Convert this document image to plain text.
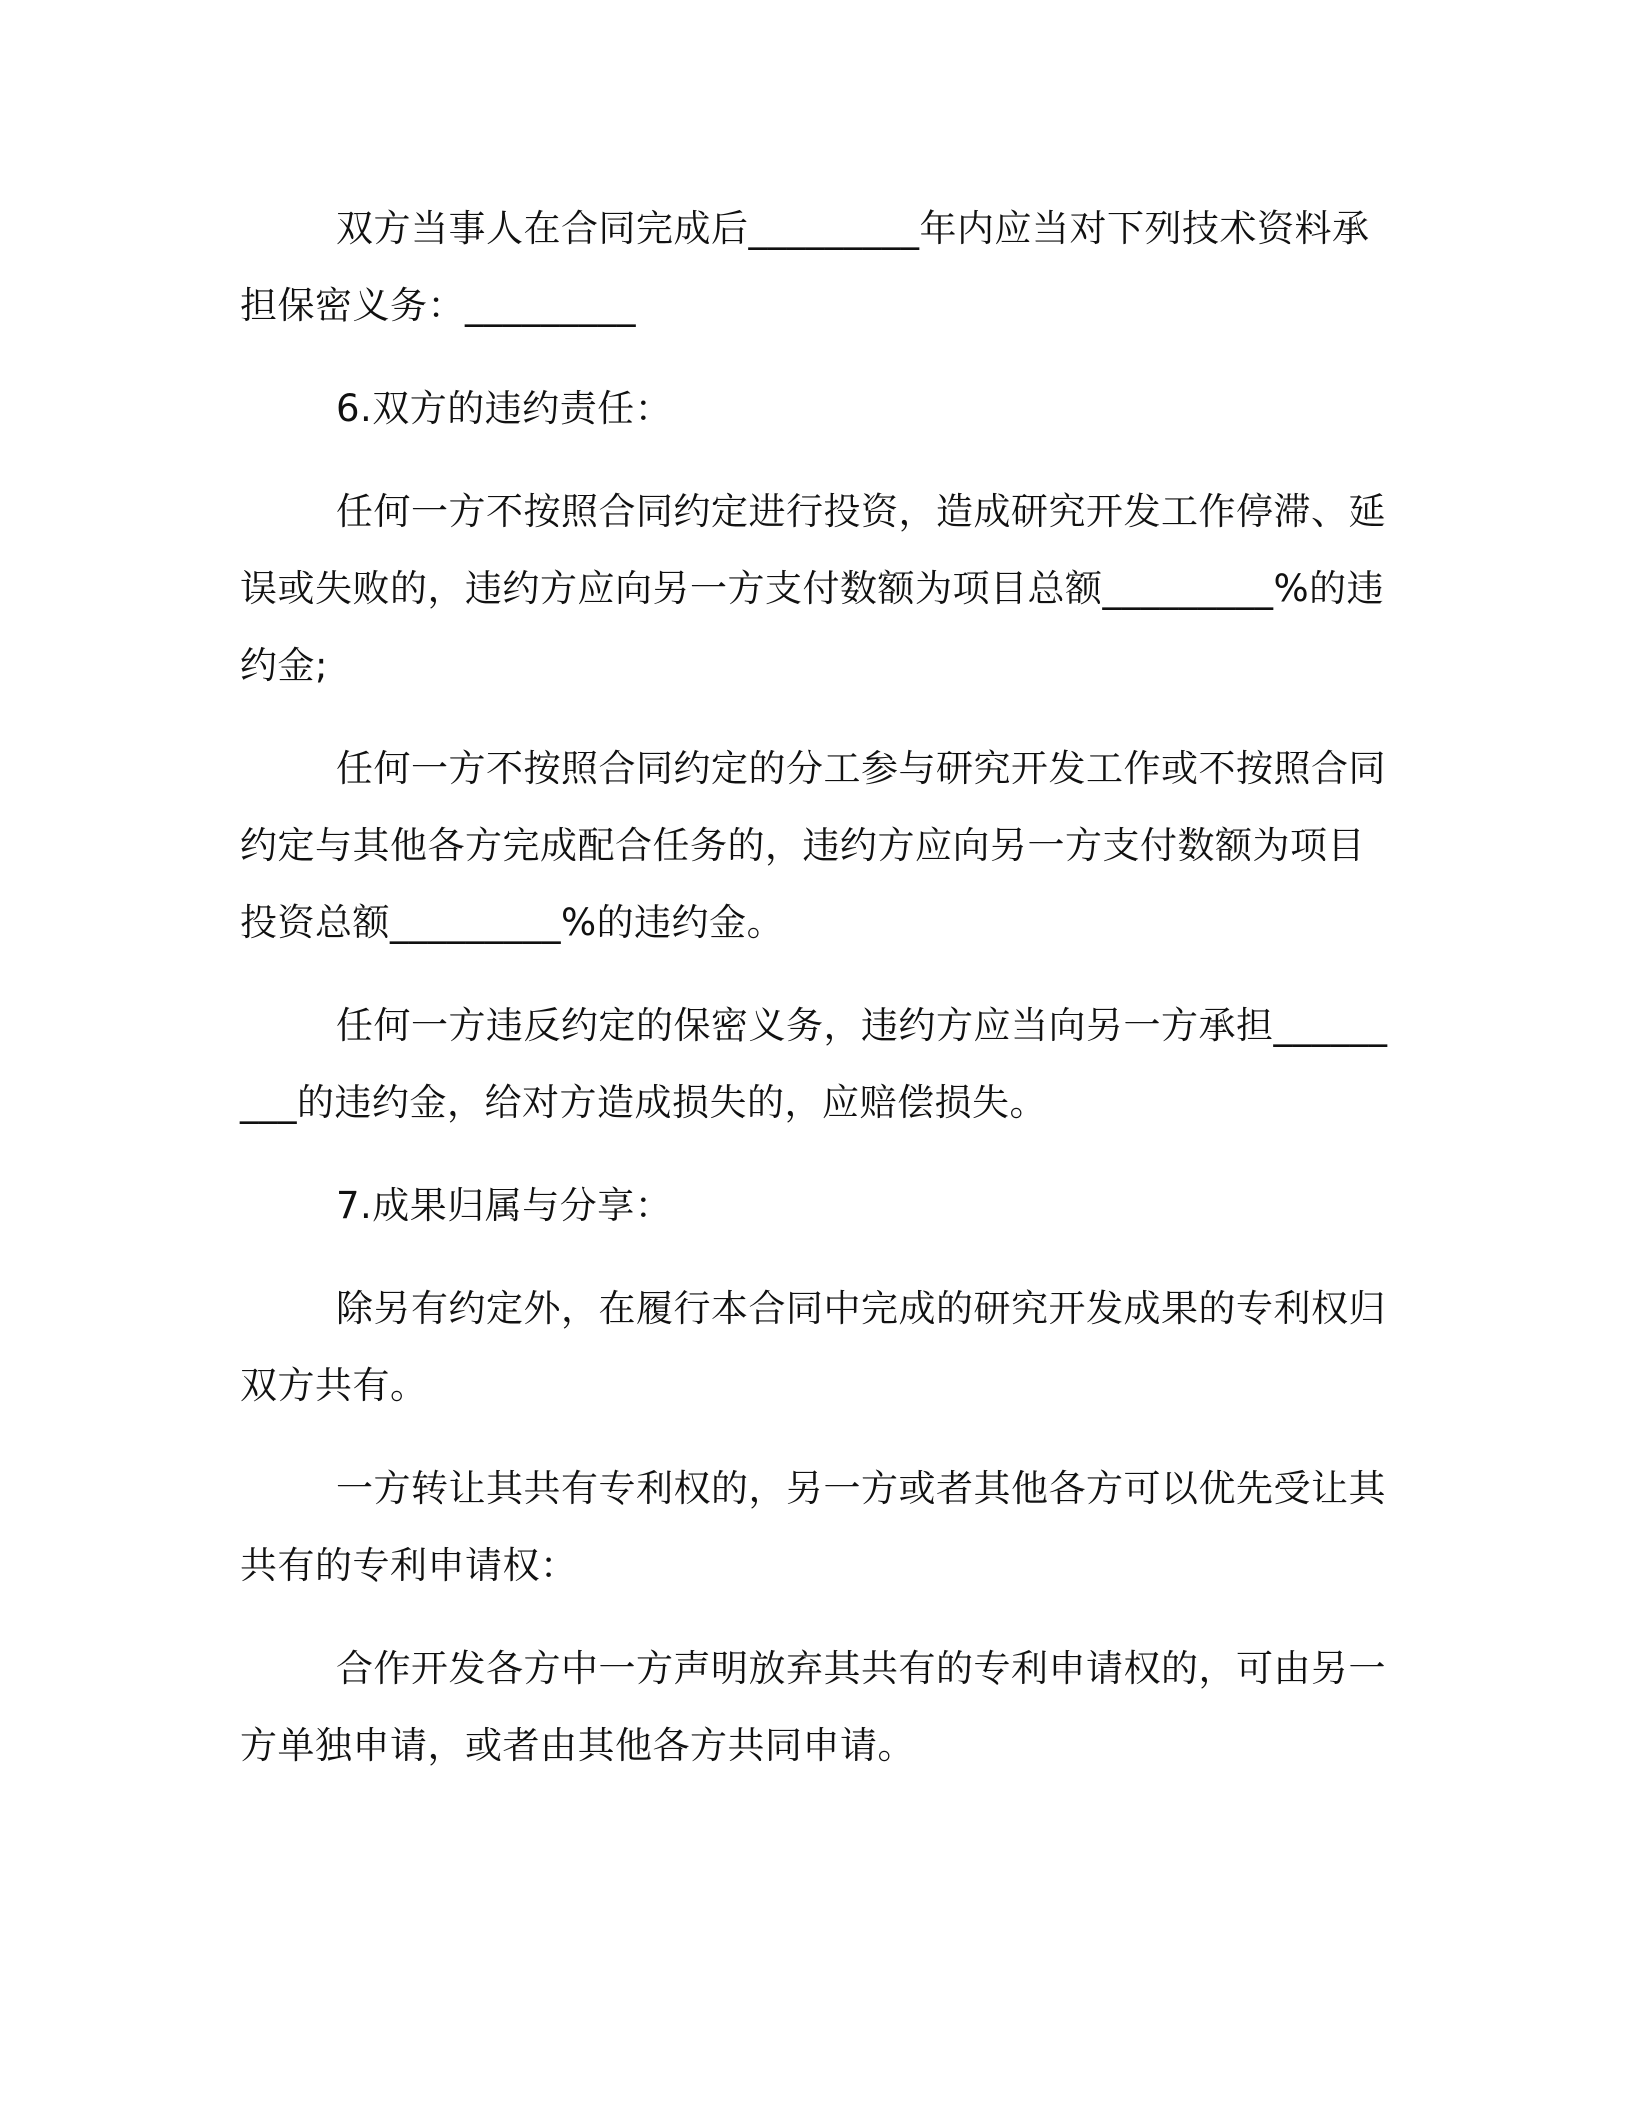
双方当事人在合同完成后_________年内应当对下列技术资料承担保密义务：_________

6.双方的违约责任：

任何一方不按照合同约定进行投资，造成研究开发工作停滞、延误或失败的，违约方应向另一方支付数额为项目总额_________%的违约金;

任何一方不按照合同约定的分工参与研究开发工作或不按照合同约定与其他各方完成配合任务的，违约方应向另一方支付数额为项目投资总额_________%的违约金。

任何一方违反约定的保密义务，违约方应当向另一方承担_________的违约金，给对方造成损失的，应赔偿损失。

7.成果归属与分享：

除另有约定外，在履行本合同中完成的研究开发成果的专利权归双方共有。

一方转让其共有专利权的，另一方或者其他各方可以优先受让其共有的专利申请权：

合作开发各方中一方声明放弃其共有的专利申请权的，可由另一方单独申请，或者由其他各方共同申请。
